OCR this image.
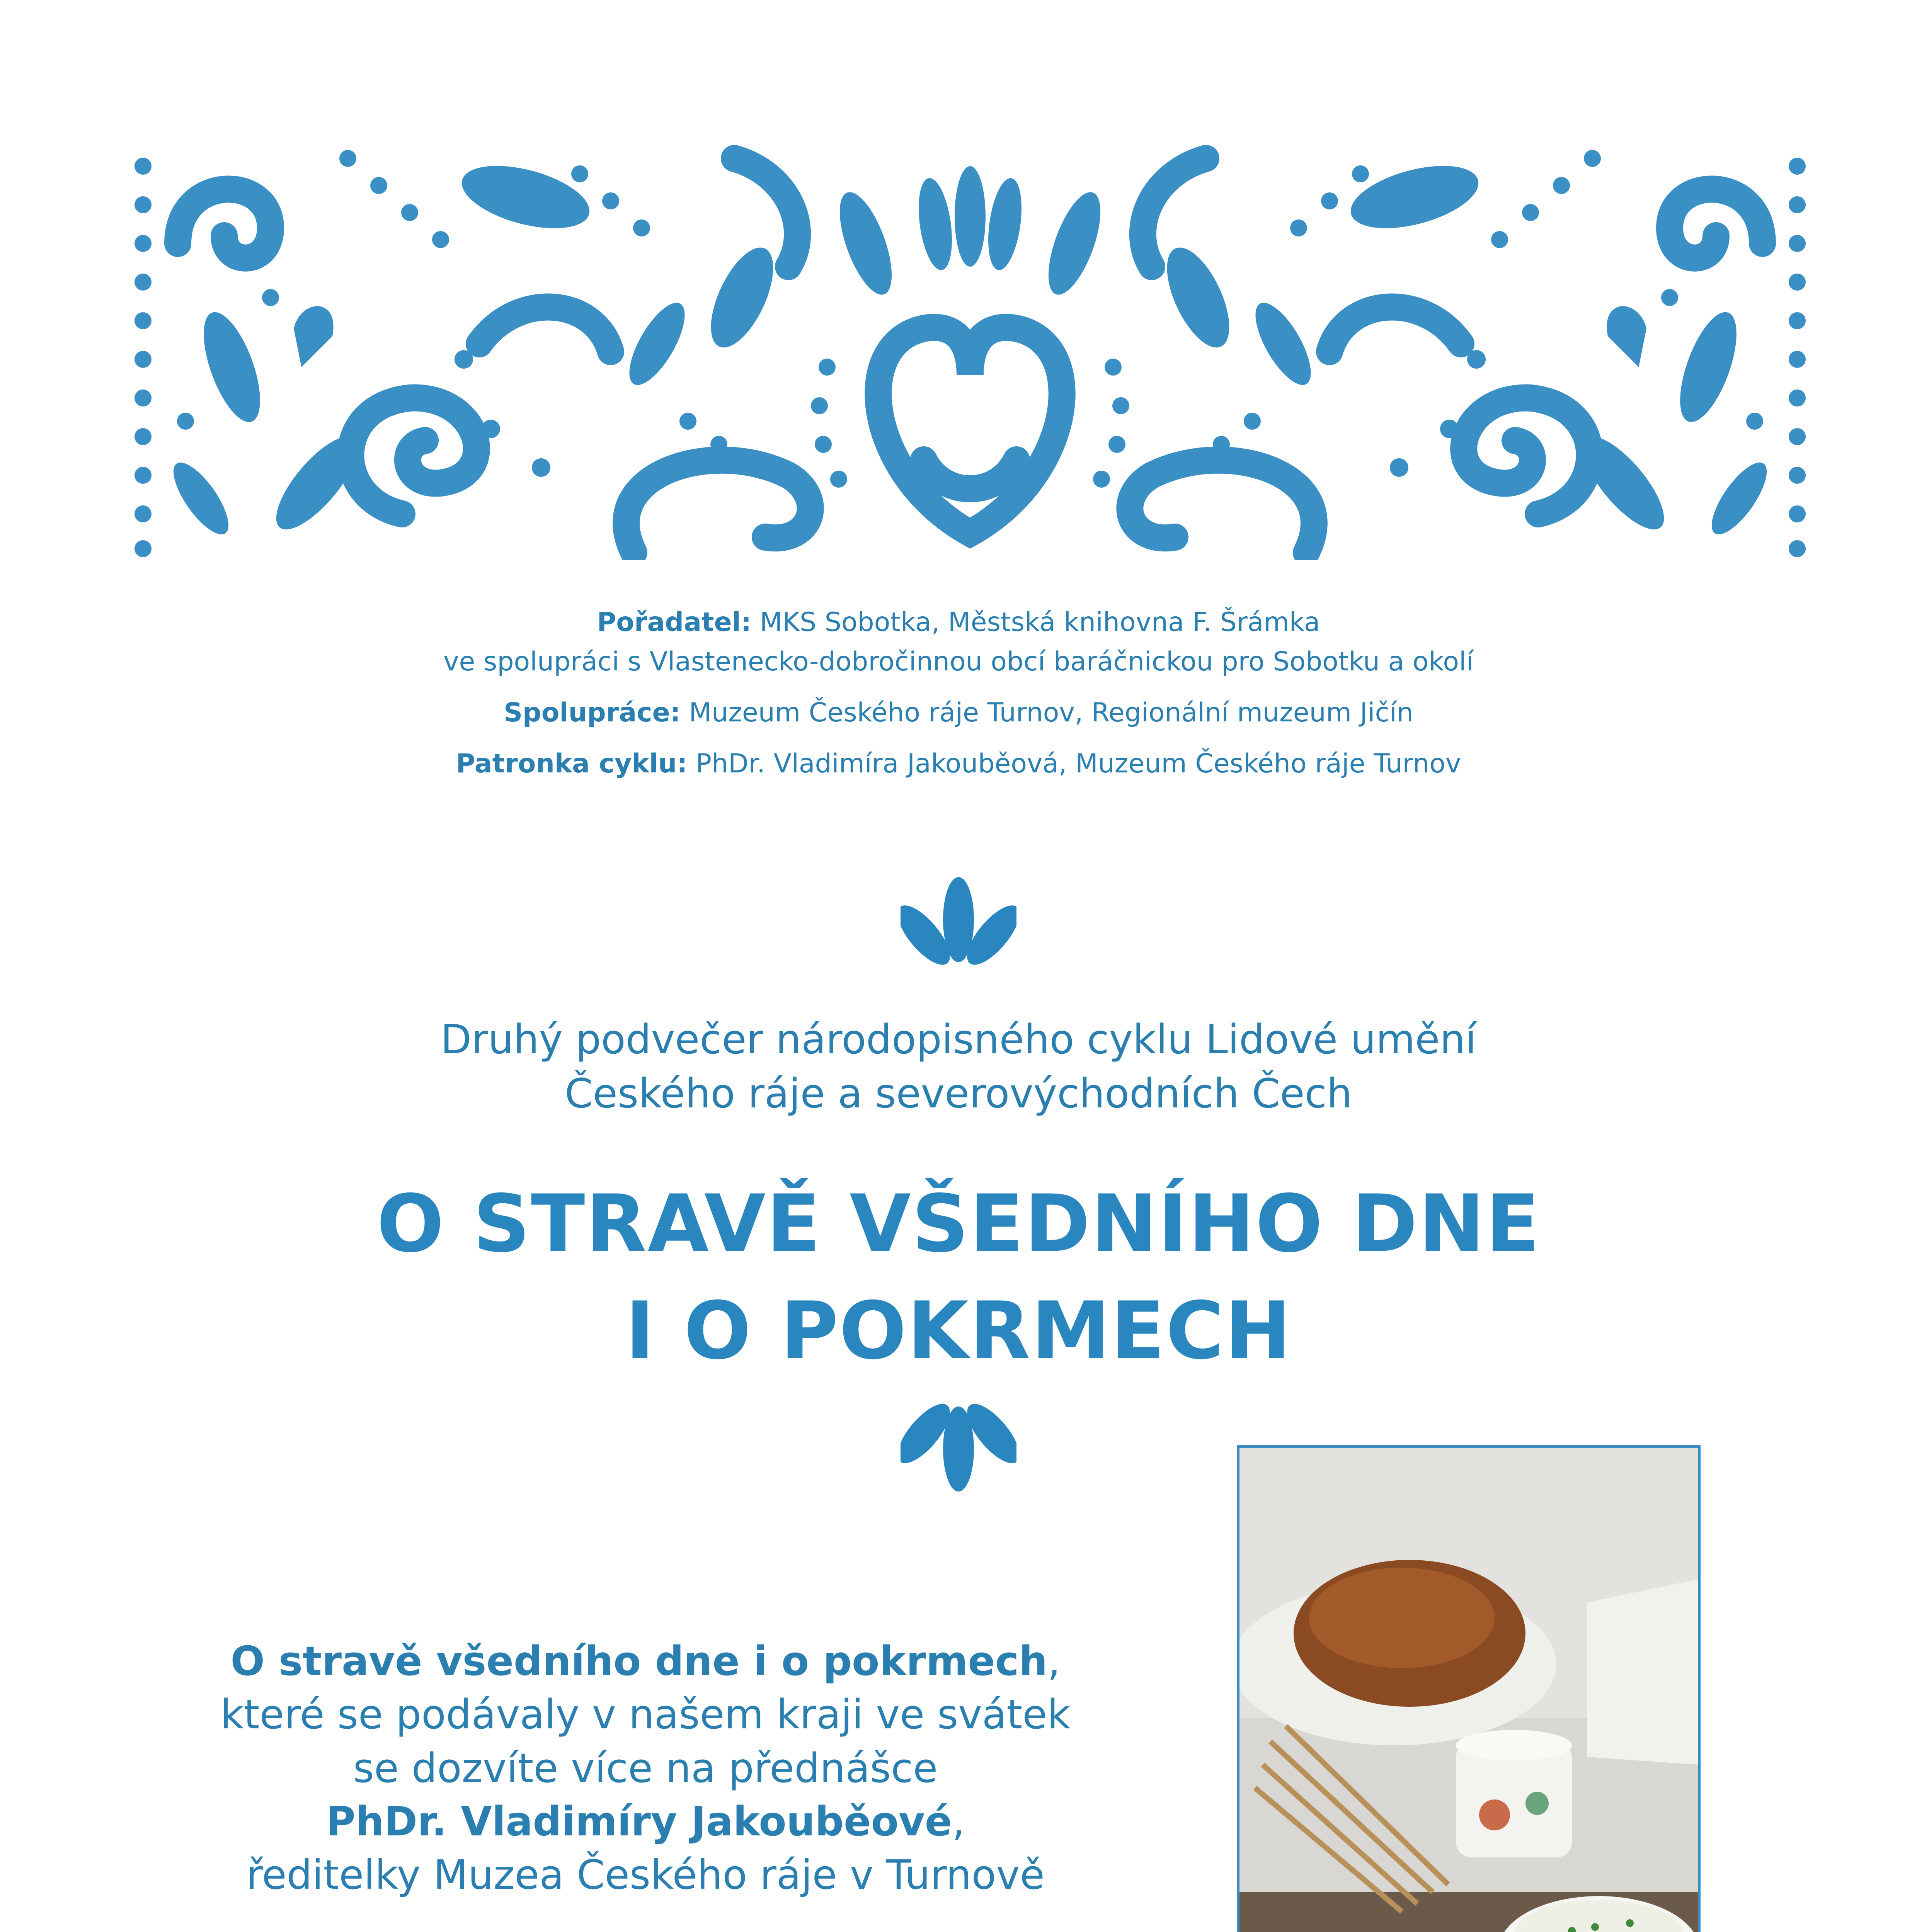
Pořadatel: MKS Sobotka, Městská knihovna F. Šrámka
ve spolupráci s Vlastenecko-dobročinnou obcí baráčnickou pro Sobotku a okolí

Spolupráce: Muzeum Českého ráje Turnov, Regionální muzeum Jičín

Patronka cyklu: PhDr. Vladimíra Jakouběová, Muzeum Českého ráje Turnov

Druhý podvečer národopisného cyklu Lidové umění
Českého ráje a severovýchodních Čech
O STRAVĚ VŠEDNÍHO DNE
I O POKRMECH
O stravě všedního dne i o pokrmech,
které se podávaly v našem kraji ve svátek
se dozvíte více na přednášce
PhDr. Vladimíry Jakouběové,
ředitelky Muzea Českého ráje v Turnově
